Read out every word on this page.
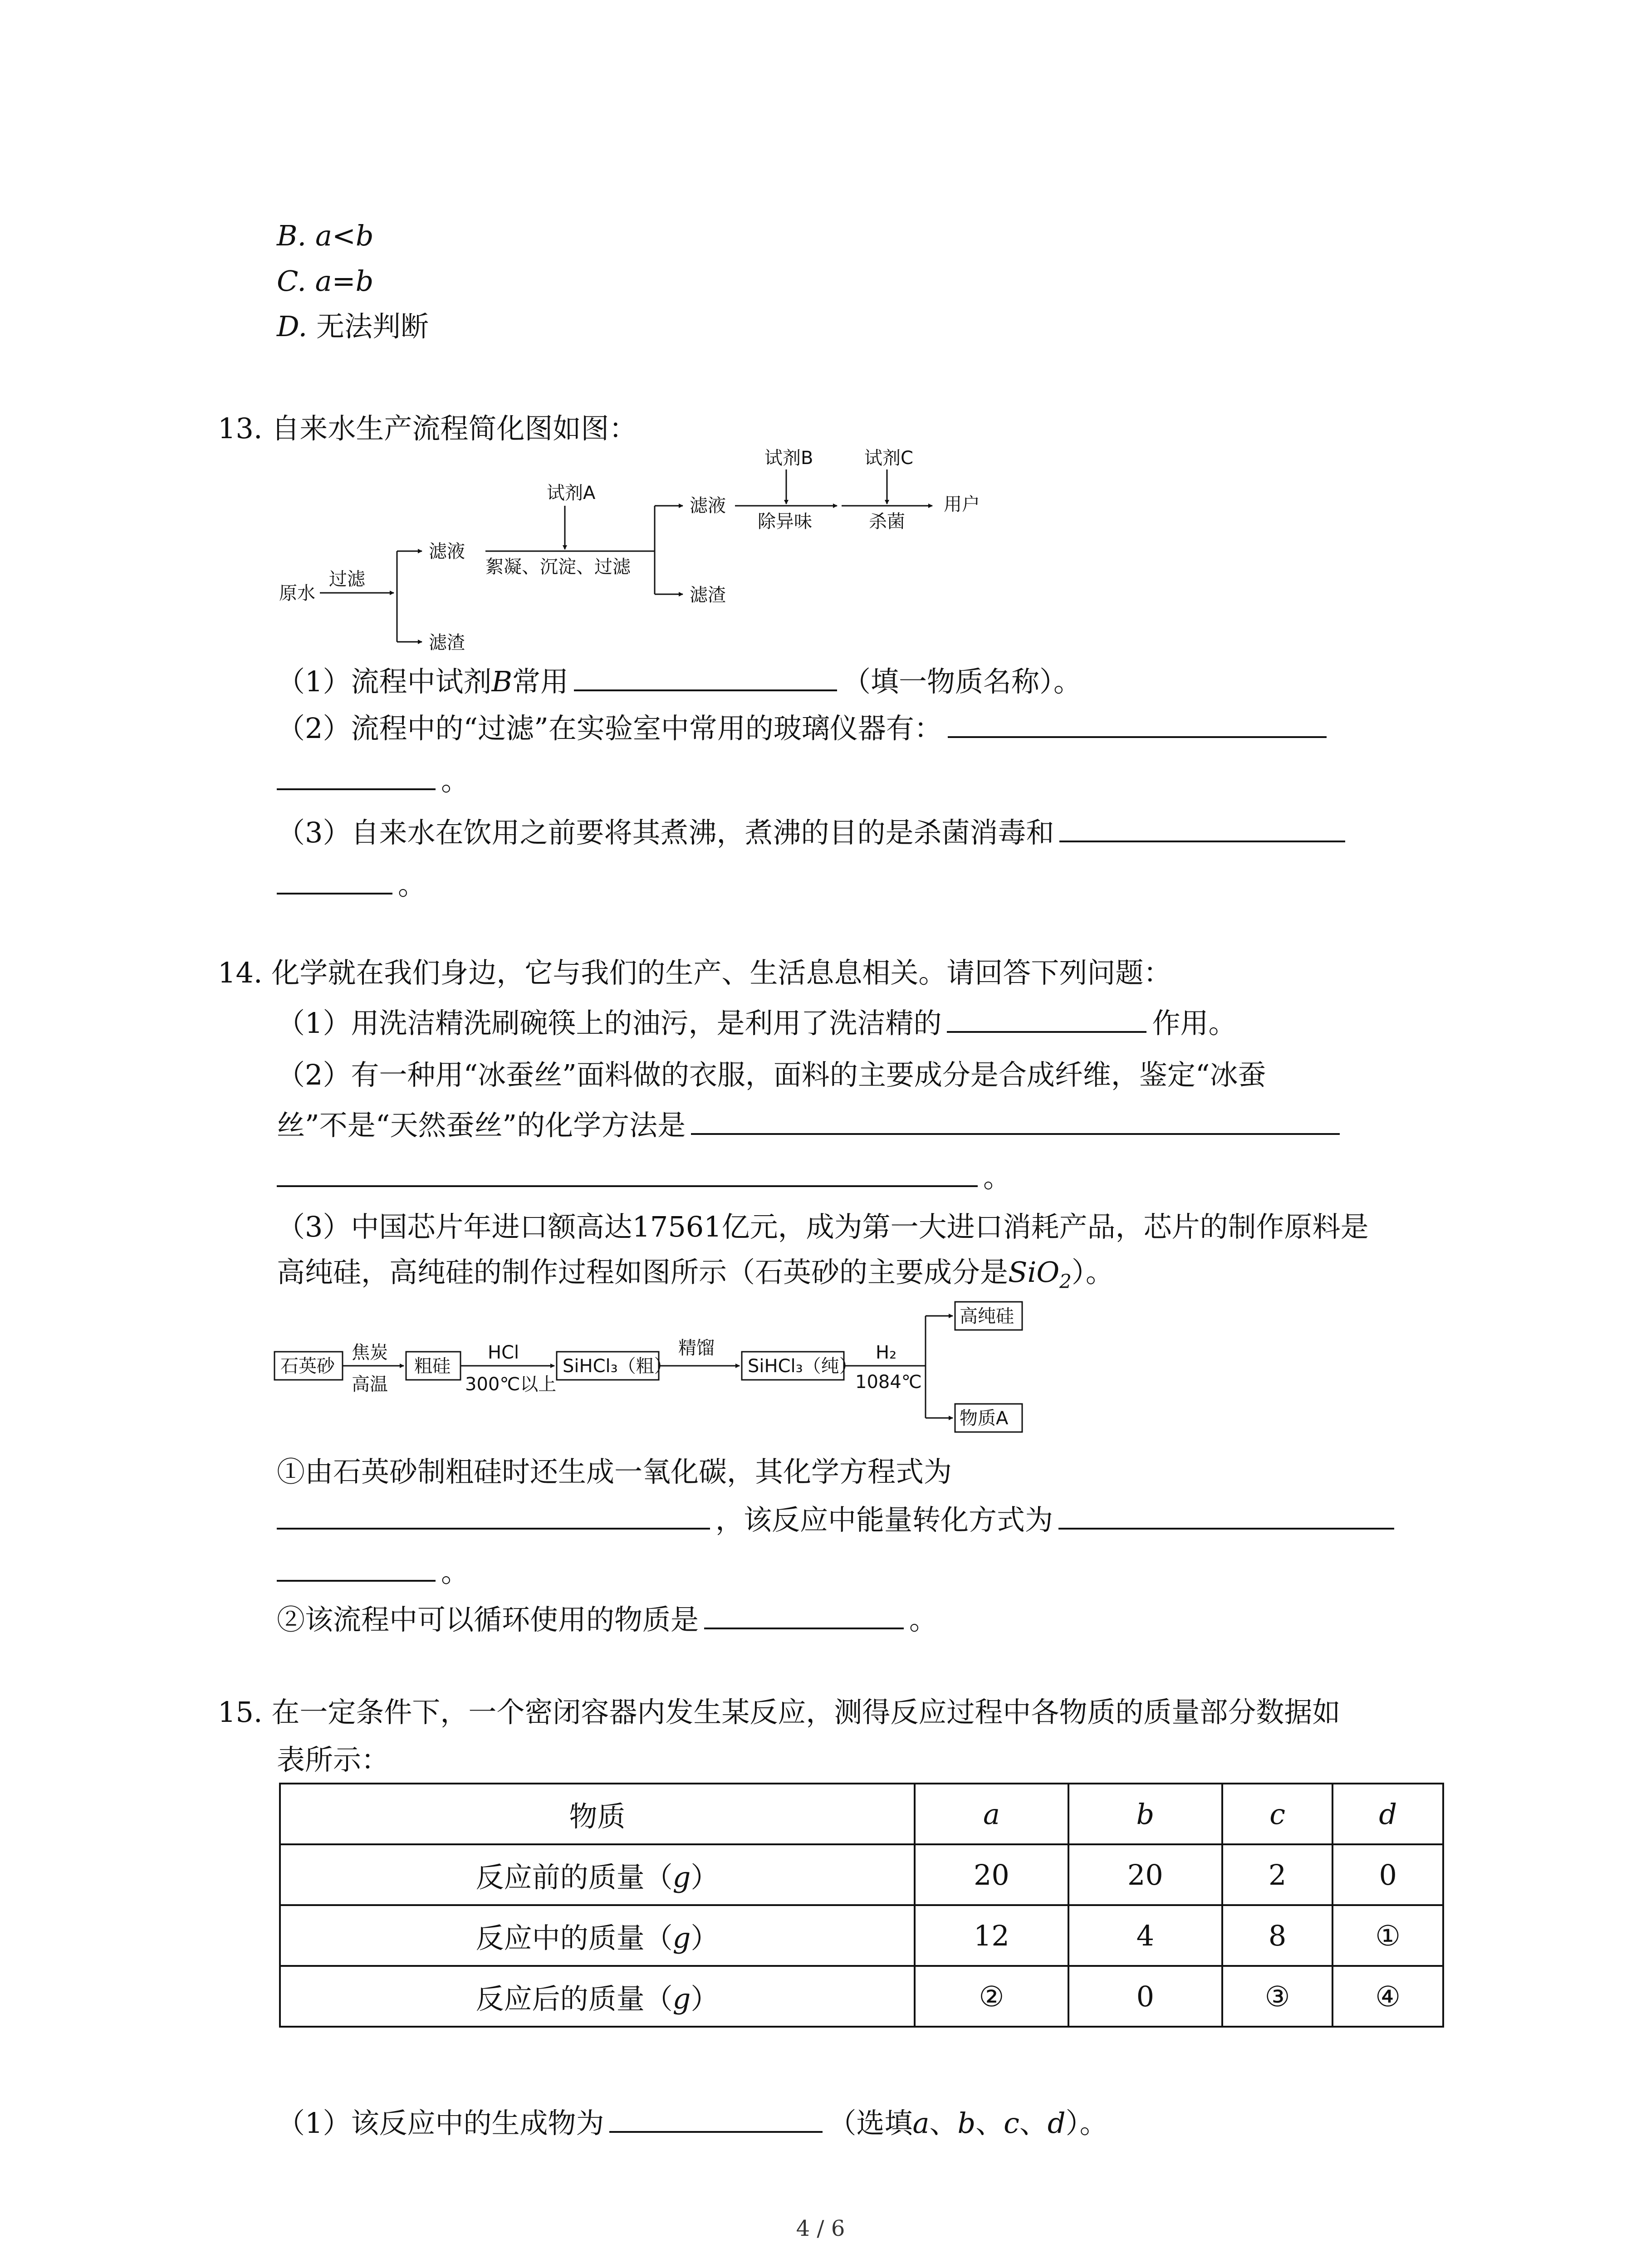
B. a<b
C. a=b
D. 无法判断
13. 自来水生产流程简化图如图：
原水
过滤
滤液
滤渣
试剂A
絮凝、沉淀、过滤
滤液
滤渣
试剂B
除异味
试剂C
杀菌
用户
（1）流程中试剂B常用	（填一物质名称）。
（2）流程中的“过滤”在实验室中常用的玻璃仪器有：
。
（3）自来水在饮用之前要将其煮沸，煮沸的目的是杀菌消毒和
。
14. 化学就在我们身边，它与我们的生产、生活息息相关。请回答下列问题：
（1）用洗洁精洗刷碗筷上的油污，是利用了洗洁精的	作用。
（2）有一种用“冰蚕丝”面料做的衣服，面料的主要成分是合成纤维，鉴定“冰蚕
丝”不是“天然蚕丝”的化学方法是
。
（3）中国芯片年进口额高达17561亿元，成为第一大进口消耗产品，芯片的制作原料是
高纯硅，高纯硅的制作过程如图所示（石英砂的主要成分是SiO$_2$）。
石英砂
焦炭
高温
粗硅
HCl
300℃以上
SiHCl₃（粗）
精馏
SiHCl₃（纯）
H₂
1084℃
高纯硅
物质A
①由石英砂制粗硅时还生成一氧化碳，其化学方程式为
，该反应中能量转化方式为
。
②该流程中可以循环使用的物质是	。
15. 在一定条件下，一个密闭容器内发生某反应，测得反应过程中各物质的质量部分数据如
表所示：
物质	a	b	c	d
反应前的质量（g）	20	20	2	0
反应中的质量（g）	12	4	8	①
反应后的质量（g）	②	0	③	④
（1）该反应中的生成物为	（选填a、b、c、d）。
4 / 6
